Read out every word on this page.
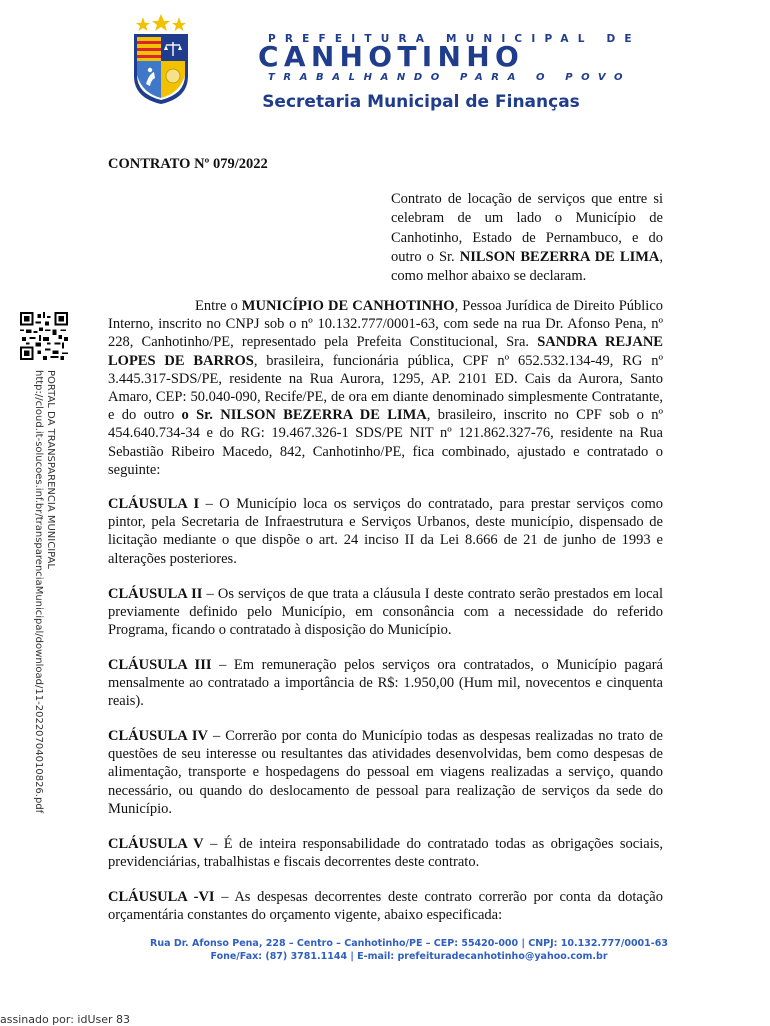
PREFEITURA MUNICIPAL DE
CANHOTINHO
TRABALHANDO PARA O POVO
Secretaria Municipal de Finanças
PORTAL DA TRANSPARENCIA MUNICIPAL
http://cloud.it-solucoes.inf.br/transparenciaMunicipal/download/11-20220704010826.pdf
CONTRATO Nº 079/2022
Contrato de locação de serviços que entre si celebram de um lado o Município de Canhotinho, Estado de Pernambuco, e do outro o Sr. NILSON BEZERRA DE LIMA, como melhor abaixo se declaram.
Entre o MUNICÍPIO DE CANHOTINHO, Pessoa Jurídica de Direito Público Interno, inscrito no CNPJ sob o nº 10.132.777/0001-63, com sede na rua Dr. Afonso Pena, nº 228, Canhotinho/PE, representado pela Prefeita Constitucional, Sra. SANDRA REJANE LOPES DE BARROS, brasileira, funcionária pública, CPF nº 652.532.134-49, RG nº 3.445.317-SDS/PE, residente na Rua Aurora, 1295, AP. 2101 ED. Cais da Aurora, Santo Amaro, CEP: 50.040-090, Recife/PE, de ora em diante denominado simplesmente Contratante, e do outro o Sr. NILSON BEZERRA DE LIMA, brasileiro, inscrito no CPF sob o nº 454.640.734-34 e do RG: 19.467.326-1 SDS/PE NIT nº 121.862.327-76, residente na Rua Sebastião Ribeiro Macedo, 842, Canhotinho/PE, fica combinado, ajustado e contratado o seguinte:
CLÁUSULA I – O Município loca os serviços do contratado, para prestar serviços como pintor, pela Secretaria de Infraestrutura e Serviços Urbanos, deste município, dispensado de licitação mediante o que dispõe o art. 24 inciso II da Lei 8.666 de 21 de junho de 1993 e alterações posteriores.
CLÁUSULA II – Os serviços de que trata a cláusula I deste contrato serão prestados em local previamente definido pelo Município, em consonância com a necessidade do referido Programa, ficando o contratado à disposição do Município.
CLÁUSULA III – Em remuneração pelos serviços ora contratados, o Município pagará mensalmente ao contratado a importância de R$: 1.950,00 (Hum mil, novecentos e cinquenta reais).
CLÁUSULA IV – Correrão por conta do Município todas as despesas realizadas no trato de questões de seu interesse ou resultantes das atividades desenvolvidas, bem como despesas de alimentação, transporte e hospedagens do pessoal em viagens realizadas a serviço, quando necessário, ou quando do deslocamento de pessoal para realização de serviços da sede do Município.
CLÁUSULA V – É de inteira responsabilidade do contratado todas as obrigações sociais, previdenciárias, trabalhistas e fiscais decorrentes deste contrato.
CLÁUSULA -VI – As despesas decorrentes deste contrato correrão por conta da dotação orçamentária constantes do orçamento vigente, abaixo especificada:
Rua Dr. Afonso Pena, 228 – Centro – Canhotinho/PE – CEP: 55420-000 | CNPJ: 10.132.777/0001-63
Fone/Fax: (87) 3781.1144 | E-mail: prefeituradecanhotinho@yahoo.com.br
assinado por: idUser 83
